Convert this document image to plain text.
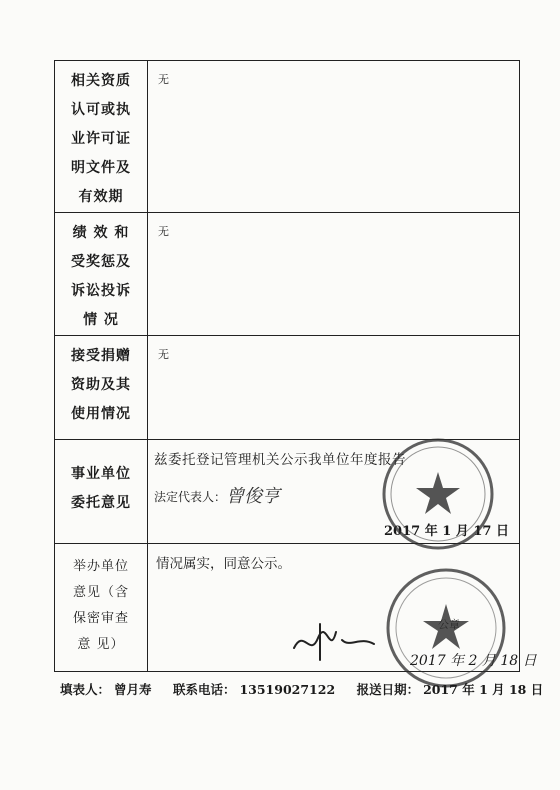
相关资质
认可或执
业许可证
明文件及
有效期	无

绩 效 和
受奖惩及
诉讼投诉
情 况	无

接受捐赠
资助及其
使用情况	无

事业单位
委托意见	兹委托登记管理机关公示我单位年度报告
法定代表人： 曾俊亨
2017 年 1 月 17 日

举办单位
意见（含
保密审查
意 见）	情况属实，同意公示。
2017 年 2 月 18 日
填表人： 曾月寿 联系电话： 13519027122 报送日期： 2017 年 1 月 18 日
